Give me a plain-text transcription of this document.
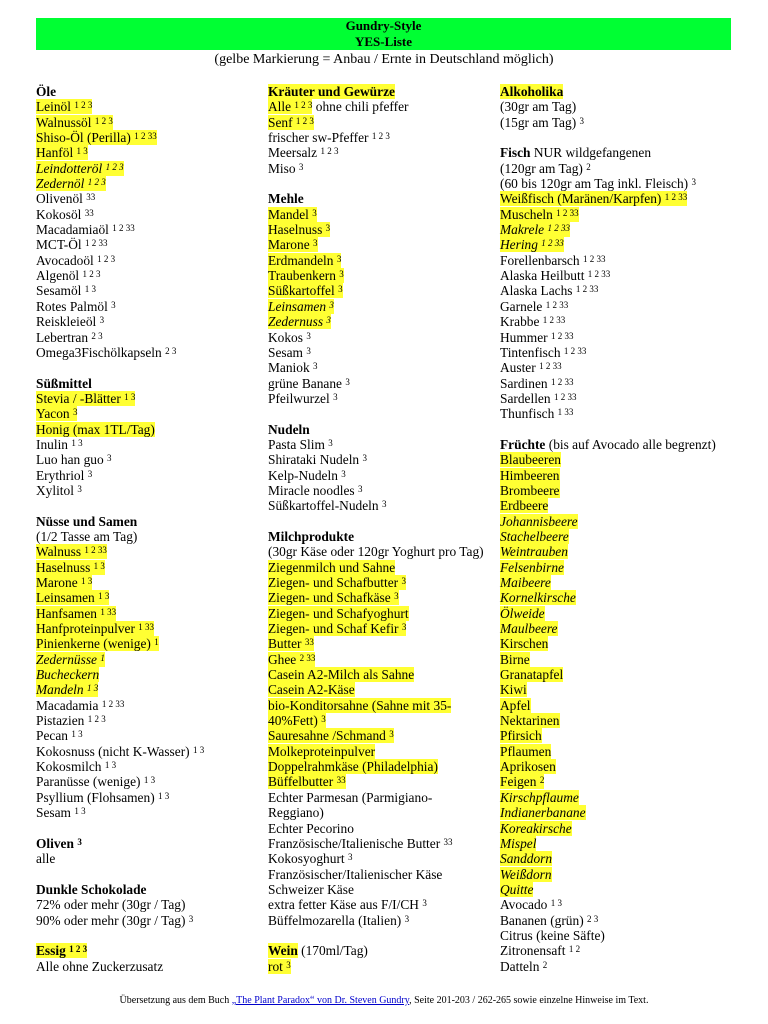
Gundry-Style
YES-Liste
(gelbe Markierung = Anbau / Ernte in Deutschland möglich)
Öle
Leinöl $^{1 2 3}$
Walnussöl $^{1 2 3}$
Shiso-Öl (Perilla) $^{1 2 33}$
Hanföl $^{1 3}$
Leindotteröl $^{1 2 3}$
Zedernöl $^{1 2 3}$
Olivenöl $^{33}$
Kokosöl $^{33}$
Macadamiaöl $^{1 2 33}$
MCT-Öl $^{1 2 33}$
Avocadoöl $^{1 2 3}$
Algenöl $^{1 2 3}$
Sesamöl $^{1 3}$
Rotes Palmöl $^3$
Reiskleieöl $^3$
Lebertran $^{2 3}$
Omega3Fischölkapseln $^{2 3}$
Süßmittel
Stevia / -Blätter $^{1 3}$
Yacon $^3$
Honig (max 1TL/Tag)
Inulin $^{1 3}$
Luo han guo $^3$
Erythriol $^3$
Xylitol $^3$
Nüsse und Samen
(1/2 Tasse am Tag)
Walnuss $^{1 2 33}$
Haselnuss $^{1 3}$
Marone $^{1 3}$
Leinsamen $^{1 3}$
Hanfsamen $^{1 33}$
Hanfproteinpulver $^{1 33}$
Pinienkerne (wenige) $^1$
Zedernüsse $^1$
Bucheckern
Mandeln $^{1 3}$
Macadamia $^{1 2 33}$
Pistazien $^{1 2 3}$
Pecan $^{1 3}$
Kokosnuss (nicht K-Wasser) $^{1 3}$
Kokosmilch $^{1 3}$
Paranüsse (wenige) $^{1 3}$
Psyllium (Flohsamen) $^{1 3}$
Sesam $^{1 3}$
Oliven $^3$
alle
Dunkle Schokolade
72% oder mehr (30gr / Tag)
90% oder mehr (30gr / Tag) $^3$
Essig $^{1 2 3}$
Alle ohne Zuckerzusatz
Kräuter und Gewürze
Alle $^{1 2 3}$ ohne chili pfeffer
Senf $^{1 2 3}$
frischer sw-Pfeffer $^{1 2 3}$
Meersalz $^{1 2 3}$
Miso $^3$
Mehle
Mandel $^3$
Haselnuss $^3$
Marone $^3$
Erdmandeln $^3$
Traubenkern $^3$
Süßkartoffel $^3$
Leinsamen $^3$
Zedernuss $^3$
Kokos $^3$
Sesam $^3$
Maniok $^3$
grüne Banane $^3$
Pfeilwurzel $^3$
Nudeln
Pasta Slim $^3$
Shirataki Nudeln $^3$
Kelp-Nudeln $^3$
Miracle noodles $^3$
Süßkartoffel-Nudeln $^3$
Milchprodukte
(30gr Käse oder 120gr Yoghurt pro Tag)
Ziegenmilch und Sahne
Ziegen- und Schafbutter $^3$
Ziegen- und Schafkäse $^3$
Ziegen- und Schafyoghurt
Ziegen- und Schaf Kefir $^3$
Butter $^{33}$
Ghee $^{2 33}$
Casein A2-Milch als Sahne
Casein A2-Käse
bio-Konditorsahne (Sahne mit 35-
40%Fett) $^3$
Sauresahne /Schmand $^3$
Molkeproteinpulver
Doppelrahmkäse (Philadelphia)
Büffelbutter $^{33}$
Echter Parmesan (Parmigiano-
Reggiano)
Echter Pecorino
Französische/Italienische Butter $^{33}$
Kokosyoghurt $^3$
Französischer/Italienischer Käse
Schweizer Käse
extra fetter Käse aus F/I/CH $^3$
Büffelmozarella (Italien) $^3$
Wein (170ml/Tag)
rot $^3$
Alkoholika
(30gr am Tag)
(15gr am Tag) $^3$
Fisch NUR wildgefangenen
(120gr am Tag) $^2$
(60 bis 120gr am Tag inkl. Fleisch) $^3$
Weißfisch (Maränen/Karpfen) $^{1 2 33}$
Muscheln $^{1 2 33}$
Makrele $^{1 2 33}$
Hering $^{1 2 33}$
Forellenbarsch $^{1 2 33}$
Alaska Heilbutt $^{1 2 33}$
Alaska Lachs $^{1 2 33}$
Garnele $^{1 2 33}$
Krabbe $^{1 2 33}$
Hummer $^{1 2 33}$
Tintenfisch $^{1 2 33}$
Auster $^{1 2 33}$
Sardinen $^{1 2 33}$
Sardellen $^{1 2 33}$
Thunfisch $^{1 33}$
Früchte (bis auf Avocado alle begrenzt)
Blaubeeren
Himbeeren
Brombeere
Erdbeere
Johannisbeere
Stachelbeere
Weintrauben
Felsenbirne
Maibeere
Kornelkirsche
Ölweide
Maulbeere
Kirschen
Birne
Granatapfel
Kiwi
Apfel
Nektarinen
Pfirsich
Pflaumen
Aprikosen
Feigen $^2$
Kirschpflaume
Indianerbanane
Koreakirsche
Mispel
Sanddorn
Weißdorn
Quitte
Avocado $^{1 3}$
Bananen (grün) $^{2 3}$
Citrus (keine Säfte)
Zitronensaft $^{1 2}$
Datteln $^2$
Übersetzung aus dem Buch „The Plant Paradox“ von Dr. Steven Gundry, Seite 201-203 / 262-265 sowie einzelne Hinweise im Text.
